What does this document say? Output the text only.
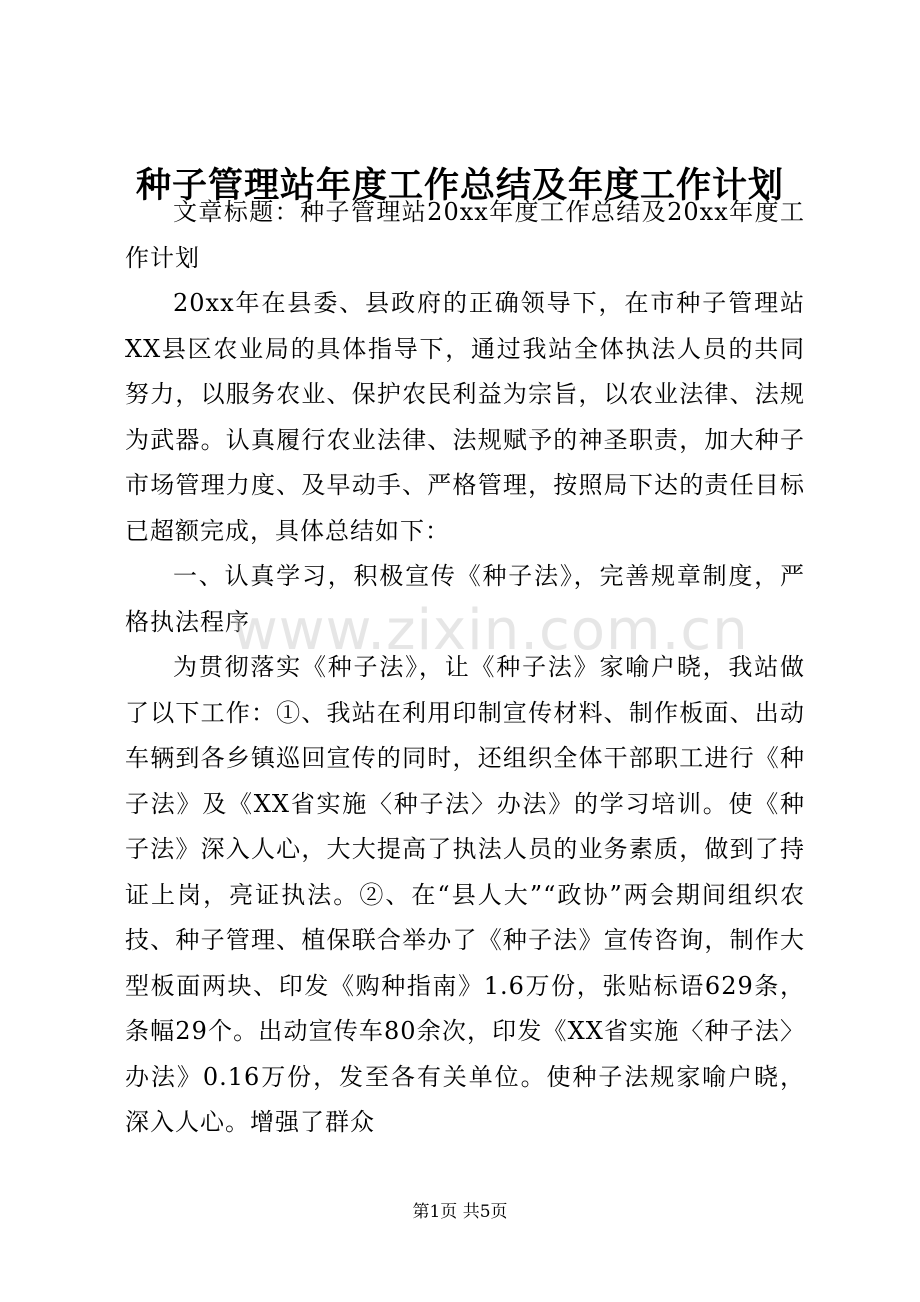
种子管理站年度工作总结及年度工作计划

文章标题：种子管理站20xx年度工作总结及20xx年度工作计划

20xx年在县委、县政府的正确领导下，在市种子管理站XX县区农业局的具体指导下，通过我站全体执法人员的共同努力，以服务农业、保护农民利益为宗旨，以农业法律、法规为武器。认真履行农业法律、法规赋予的神圣职责，加大种子市场管理力度、及早动手、严格管理，按照局下达的责任目标已超额完成，具体总结如下：

一、认真学习，积极宣传《种子法》，完善规章制度，严格执法程序

为贯彻落实《种子法》，让《种子法》家喻户晓，我站做了以下工作：①、我站在利用印制宣传材料、制作板面、出动车辆到各乡镇巡回宣传的同时，还组织全体干部职工进行《种子法》及《XX省实施〈种子法〉办法》的学习培训。使《种子法》深入人心，大大提高了执法人员的业务素质，做到了持证上岗，亮证执法。②、在“县人大”“政协”两会期间组织农技、种子管理、植保联合举办了《种子法》宣传咨询，制作大型板面两块、印发《购种指南》1.6万份，张贴标语629条，条幅29个。出动宣传车80余次，印发《XX省实施〈种子法〉办法》0.16万份，发至各有关单位。使种子法规家喻户晓，深入人心。增强了群众

www.zixin.com.cn
第1页 共5页
